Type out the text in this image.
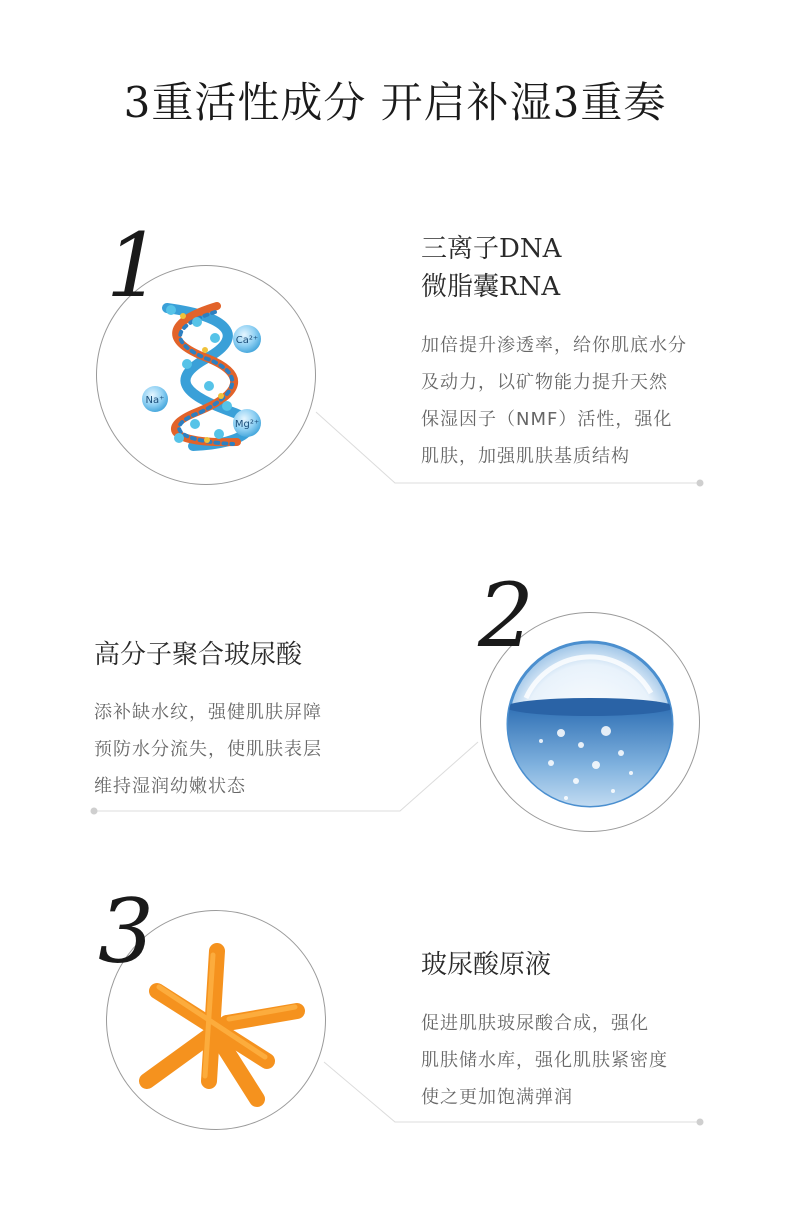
3重活性成分 开启补湿3重奏
Ca²⁺
Na⁺
Mg²⁺
1	三离子DNA
微脂囊RNA
加倍提升渗透率，给你肌底水分
及动力，以矿物能力提升天然
保湿因子（NMF）活性，强化
肌肤，加强肌肤基质结构
2
高分子聚合玻尿酸
添补缺水纹，强健肌肤屏障
预防水分流失，使肌肤表层
维持湿润幼嫩状态
3	玻尿酸原液
促进肌肤玻尿酸合成，强化
肌肤储水库，强化肌肤紧密度
使之更加饱满弹润
